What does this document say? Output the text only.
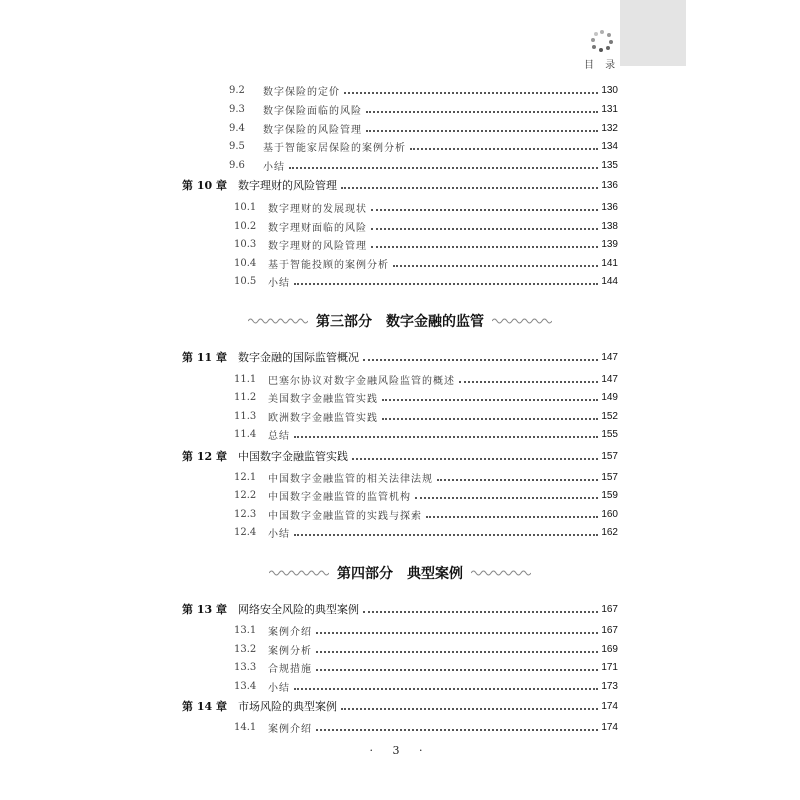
目 录
9.2	数字保险的定价	130
9.3	数字保险面临的风险	131
9.4	数字保险的风险管理	132
9.5	基于智能家居保险的案例分析	134
9.6	小结	135
第 10 章	数字理财的风险管理	136
10.1	数字理财的发展现状	136
10.2	数字理财面临的风险	138
10.3	数字理财的风险管理	139
10.4	基于智能投顾的案例分析	141
10.5	小结	144
第三部分　数字金融的监管
第 11 章	数字金融的国际监管概况	147
11.1	巴塞尔协议对数字金融风险监管的概述	147
11.2	美国数字金融监管实践	149
11.3	欧洲数字金融监管实践	152
11.4	总结	155
第 12 章	中国数字金融监管实践	157
12.1	中国数字金融监管的相关法律法规	157
12.2	中国数字金融监管的监管机构	159
12.3	中国数字金融监管的实践与探索	160
12.4	小结	162
第四部分　典型案例
第 13 章	网络安全风险的典型案例	167
13.1	案例介绍	167
13.2	案例分析	169
13.3	合规措施	171
13.4	小结	173
第 14 章	市场风险的典型案例	174
14.1	案例介绍	174
· 3 ·
